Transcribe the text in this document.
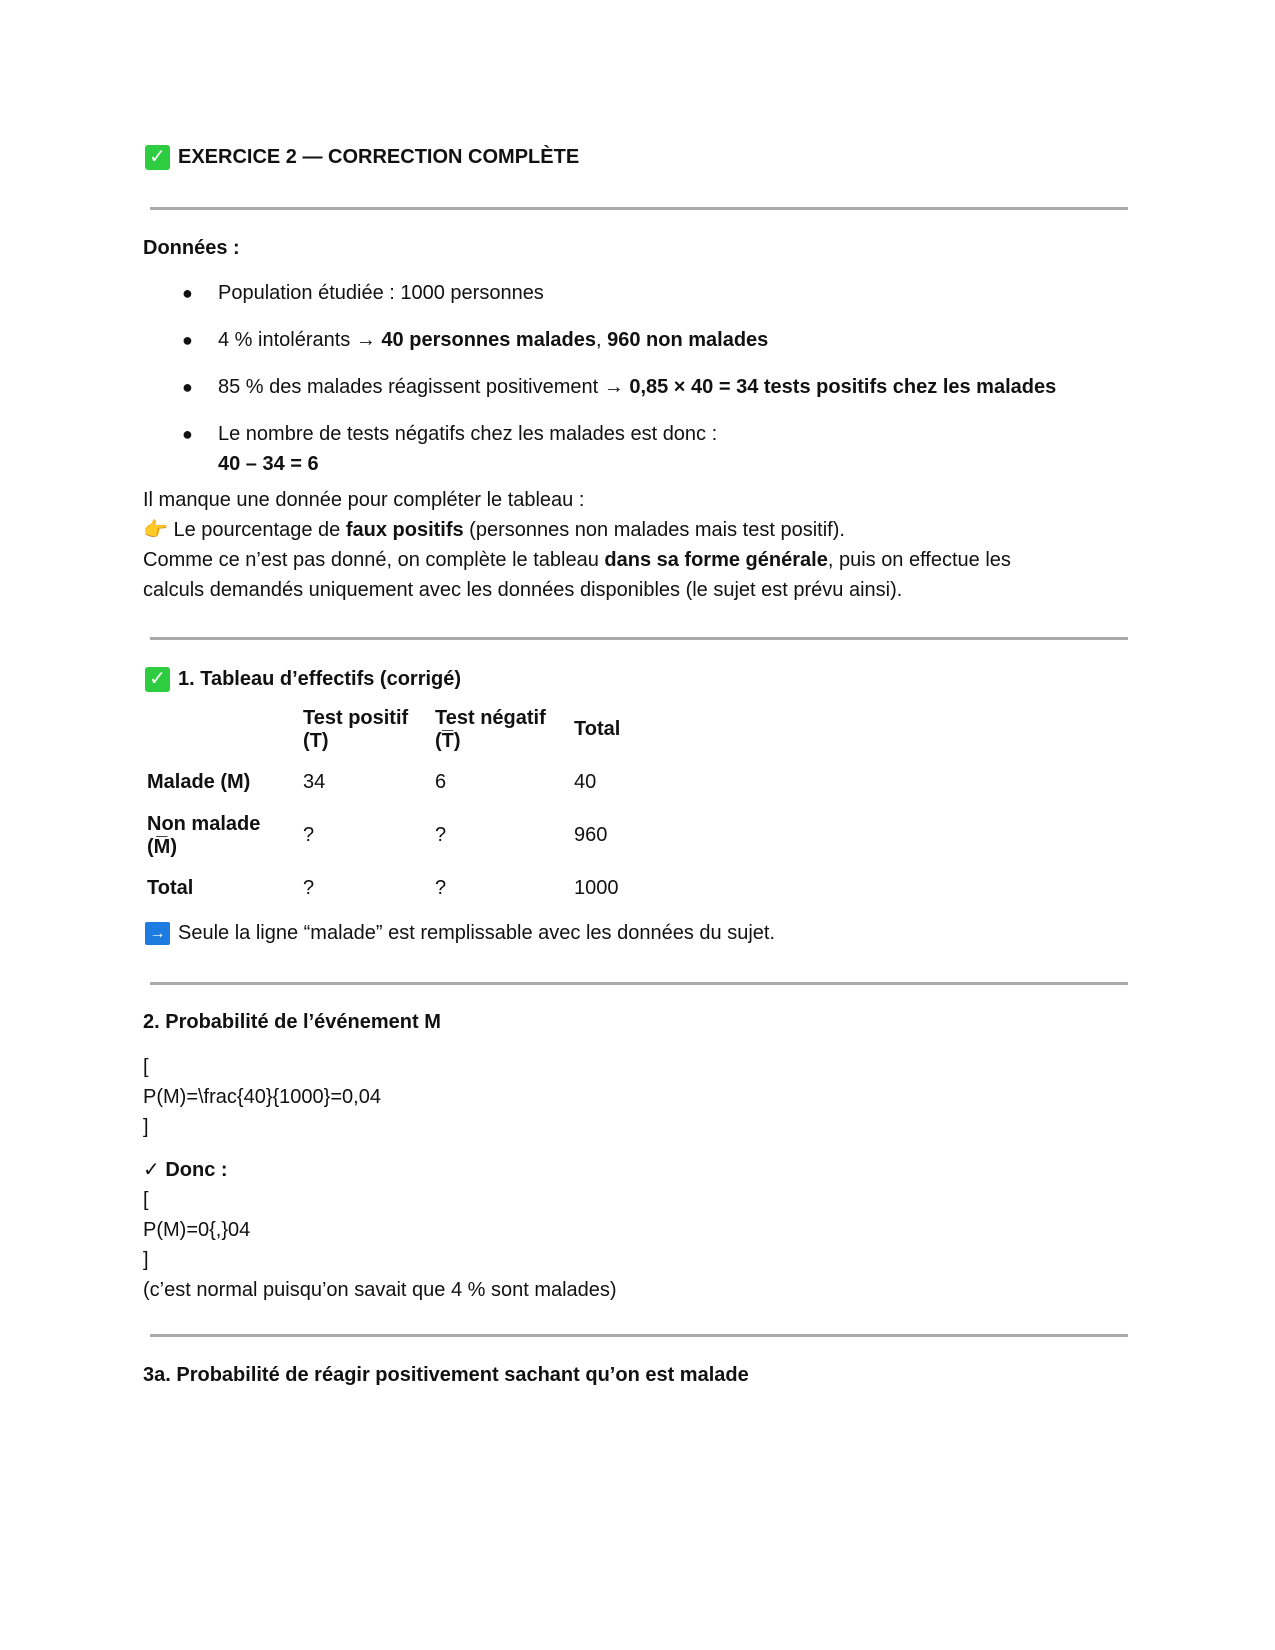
✓ EXERCICE 2 — CORRECTION COMPLÈTE
Données :
● Population étudiée : 1000 personnes
● 4 % intolérants → 40 personnes malades, 960 non malades
● 85 % des malades réagissent positivement → 0,85 × 40 = 34 tests positifs chez les malades
● Le nombre de tests négatifs chez les malades est donc :
40 – 34 = 6
Il manque une donnée pour compléter le tableau :
👉 Le pourcentage de faux positifs (personnes non malades mais test positif).
Comme ce n’est pas donné, on complète le tableau dans sa forme générale, puis on effectue les calculs demandés uniquement avec les données disponibles (le sujet est prévu ainsi).
✓ 1. Tableau d’effectifs (corrigé)
	Test positif (T)	Test négatif (T̅)	Total
Malade (M)	34	6	40
Non malade (M̅)	?	?	960
Total	?	?	1000
→ Seule la ligne “malade” est remplissable avec les données du sujet.
2. Probabilité de l’événement M
[
P(M)=\frac{40}{1000}=0,04
]
✓ Donc :
[
P(M)=0{,}04
]
(c’est normal puisqu’on savait que 4 % sont malades)
3a. Probabilité de réagir positivement sachant qu’on est malade
